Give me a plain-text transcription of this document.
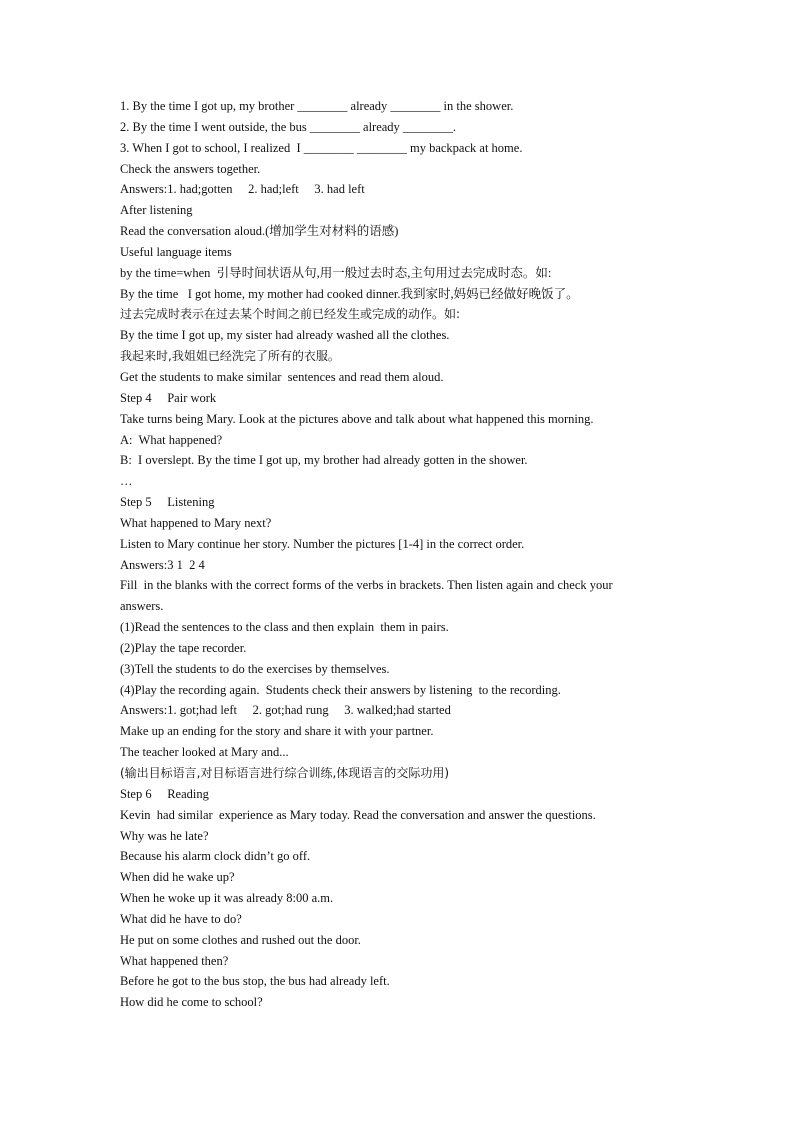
1. By the time I got up, my brother ________ already ________ in the shower.
2. By the time I went outside, the bus ________ already ________.
3. When I got to school, I realized  I ________ ________ my backpack at home.
Check the answers together.
Answers:1. had;gotten     2. had;left     3. had left
After listening
Read the conversation aloud.(增加学生对材料的语感)
Useful language items
by the time=when  引导时间状语从句,用一般过去时态,主句用过去完成时态。如:
By the time   I got home, my mother had cooked dinner.我到家时,妈妈已经做好晚饭了。
过去完成时表示在过去某个时间之前已经发生或完成的动作。如:
By the time I got up, my sister had already washed all the clothes.
我起来时,我姐姐已经洗完了所有的衣服。
Get the students to make similar  sentences and read them aloud.
Step 4     Pair work
Take turns being Mary. Look at the pictures above and talk about what happened this morning.
A:  What happened?
B:  I overslept. By the time I got up, my brother had already gotten in the shower.
…
Step 5     Listening
What happened to Mary next?
Listen to Mary continue her story. Number the pictures [1-4] in the correct order.
Answers:3 1  2 4
Fill  in the blanks with the correct forms of the verbs in brackets. Then listen again and check your
answers.
(1)Read the sentences to the class and then explain  them in pairs.
(2)Play the tape recorder.
(3)Tell the students to do the exercises by themselves.
(4)Play the recording again.  Students check their answers by listening  to the recording.
Answers:1. got;had left     2. got;had rung     3. walked;had started
Make up an ending for the story and share it with your partner.
The teacher looked at Mary and...
(输出目标语言,对目标语言进行综合训练,体现语言的交际功用)
Step 6     Reading
Kevin  had similar  experience as Mary today. Read the conversation and answer the questions.
Why was he late?
Because his alarm clock didn’t go off.
When did he wake up?
When he woke up it was already 8:00 a.m.
What did he have to do?
He put on some clothes and rushed out the door.
What happened then?
Before he got to the bus stop, the bus had already left.
How did he come to school?
